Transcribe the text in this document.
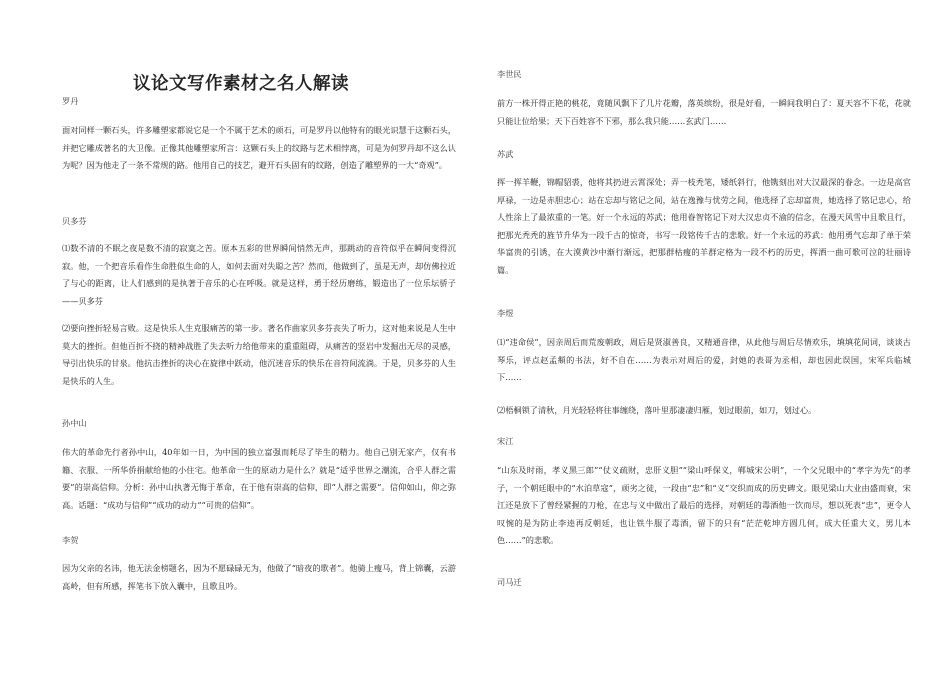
议论文写作素材之名人解读
罗丹

面对同样一颗石头，许多雕塑家都说它是一个不属于艺术的顽石，可是罗丹以他特有的眼光识慧于这颗石头，并把它雕成著名的大卫像。正像其他雕塑家所言：这颗石头上的纹路与艺术相悖离，可是为何罗丹却不这么认为呢？因为他走了一条不常规的路。他用自己的技艺，避开石头固有的纹路，创造了雕塑界的一大“奇观”。

贝多芬

⑴数不清的不眠之夜是数不清的寂寞之苦。原本五彩的世界瞬间悄然无声，那跳动的音符似乎在瞬间变得沉寂。他，一个把音乐看作生命胜似生命的人，如何去面对失聪之苦？然而，他做到了，虽是无声，却仿佛拉近了与心的距离，让人们感到的是执著于音乐的心在呼吸。就是这样，勇于经历磨练，锻造出了一位乐坛骄子——贝多芬

⑵要向挫折轻易言败。这是快乐人生克服痛苦的第一步。著名作曲家贝多芬丧失了听力，这对他来说是人生中莫大的挫折。但他百折不挠的精神战胜了失去听力给他带来的重重阻碍，从痛苦的竖岩中发掘出无尽的灵感，导引出快乐的甘泉。他抗击挫折的决心在旋律中跃动，他沉迷音乐的快乐在音符间流淌。于是，贝多芬的人生是快乐的人生。

孙中山

伟大的革命先行者孙中山，40年如一日，为中国的独立富强而耗尽了毕生的精力。他自己别无家产，仅有书籍、衣服、一所华侨捐献给他的小住宅。他革命一生的原动力是什么？就是“适乎世界之潮流，合乎人群之需要”的崇高信仰。分析：孙中山执著无悔于革命，在于他有崇高的信仰，即“人群之需要”。信仰如山，仰之弥高。话题：“成功与信仰”“成功的动力”“可贵的信仰”。

李贺

因为父亲的名讳，他无法金榜题名，因为不愿碌碌无为，他做了“暗夜的歌者”。他骑上瘦马，背上锦囊，云游高岭，但有所感，挥笔书下放入囊中，且歌且吟。

李世民

前方一株开得正艳的桃花，竟随风飘下了几片花瓣，落英缤纷，很是好看，一瞬间我明白了：夏天容不下花，花就只能让位给果；天下百姓容不下邪，那么我只能……玄武门……

苏武

挥一挥羊鞭，锦帽貂裘，他将其扔进云霄深处；弄一枝秃笔，矮纸斜行，他镌刻出对大汉最深的眷念。一边是高官厚禄，一边是赤胆忠心；站在忘却与铭记之间，站在逸豫与忧劳之间，他选择了忘却富贵，她选择了铭记忠心，给人性涂上了最浓重的一笔。好一个永远的苏武；他用眷智铭记下对大汉忠贞不渝的信念，在漫天风雪中且歌且行，把那光秃秃的旌节升华为一段千古的惊奇，书写一段铭传千古的悲歌。好一个永远的苏武：他用勇气忘却了单于荣华富贵的引诱，在大漠黄沙中渐行渐远，把那群枯瘦的羊群定格为一段不朽的历史，挥洒一曲可歌可泣的壮丽诗篇。

李煜

⑴“违命侯”，因亲周后而荒废朝政，周后是贤淑善良，又精通音律，从此他与周后尽情欢乐，填填花间词，谈谈古琴乐，评点赵孟頫的书法，好不自在……为表示对周后的爱，封她的表哥为丞相，却也因此误国，宋军兵临城下……

⑵梧桐锁了清秋，月光轻轻将往事缠绕，落叶里那凄凄归雁，划过眼前，如刀，划过心。

宋江

“山东及时雨，孝义黑三郎”“仗义疏财，忠肝义胆”“梁山呼保义，郸城宋公明”，一个父兄眼中的“孝字为先”的孝子，一个朝廷眼中的“水泊草寇”，顽劣之徒，一段由“忠”和“义”交织而成的历史碑文。眼见梁山大业由盛而衰，宋江还是放下了曾经紧握的刀枪，在忠与义中做出了最后的选择，对朝廷的毒酒他一饮而尽，想以死表“忠”，更令人叹惋的是为防止李逵再反朝廷，也让铁牛服了毒酒，留下的只有“茫茫乾坤方圆几何，成大任重大义，男儿本色……”的悲歌。

司马迁
